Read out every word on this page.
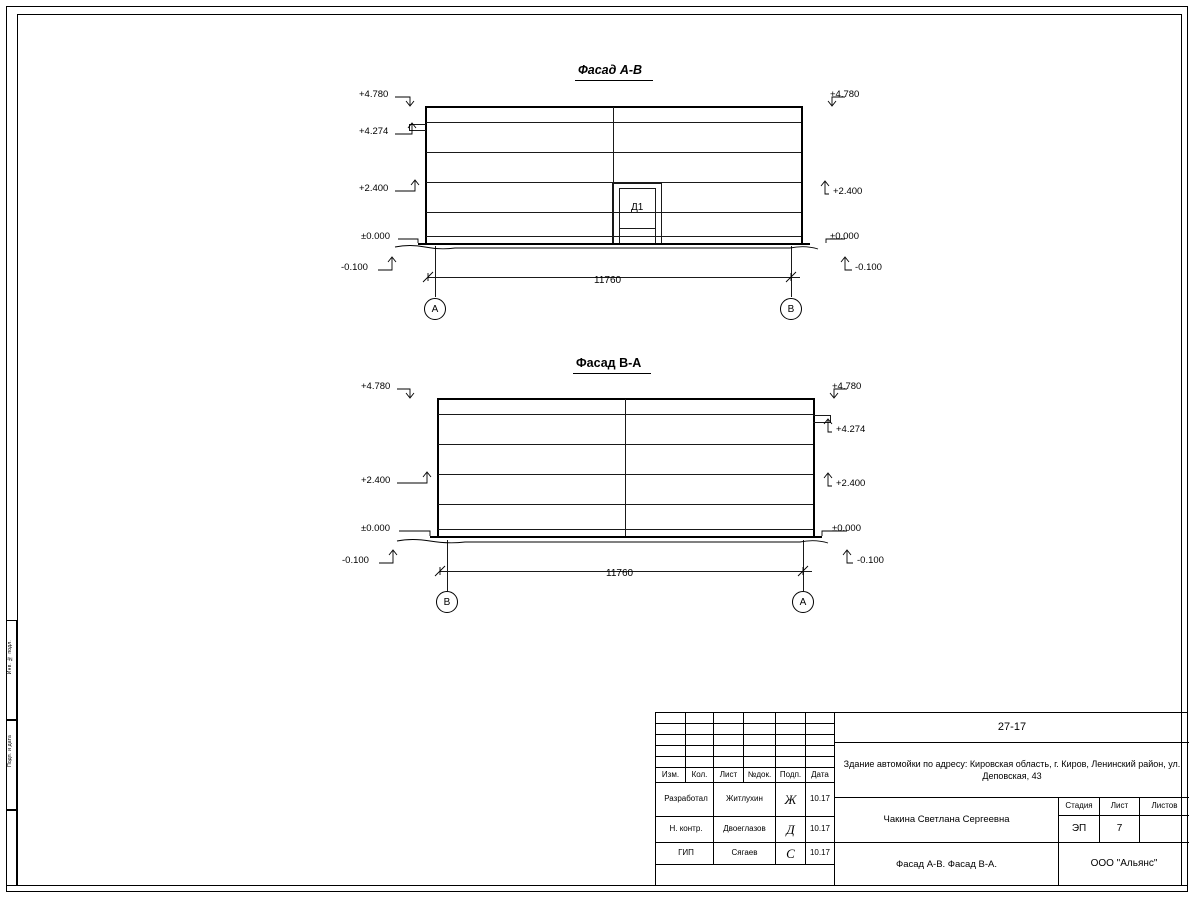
Инв. № подл.
Подп. и дата
Фасад А-В
Д1
+4.780
+4.274
+2.400
±0.000
-0.100
+4.780
+2.400
±0.000
-0.100
11760
А	В
Фасад В-А
+4.780
+2.400
±0.000
-0.100
+4.780
+4.274
+2.400
±0.000
-0.100
11760
В	А
Изм.	Кол.	Лист	№док.	Подп.	Дата
Разработал	Житлухин	Ж	10.17
Н. контр.	Двоеглазов	Д	10.17
ГИП	Сягаев	С	10.17
27-17
Здание автомойки по адресу: Кировская область, г. Киров, Ленинский район, ул. Деповская, 43
Чакина Светлана Сергеевна
Стадия	Лист	Листов
ЭП	7
Фасад А-В. Фасад В-А.	ООО "Альянс"
